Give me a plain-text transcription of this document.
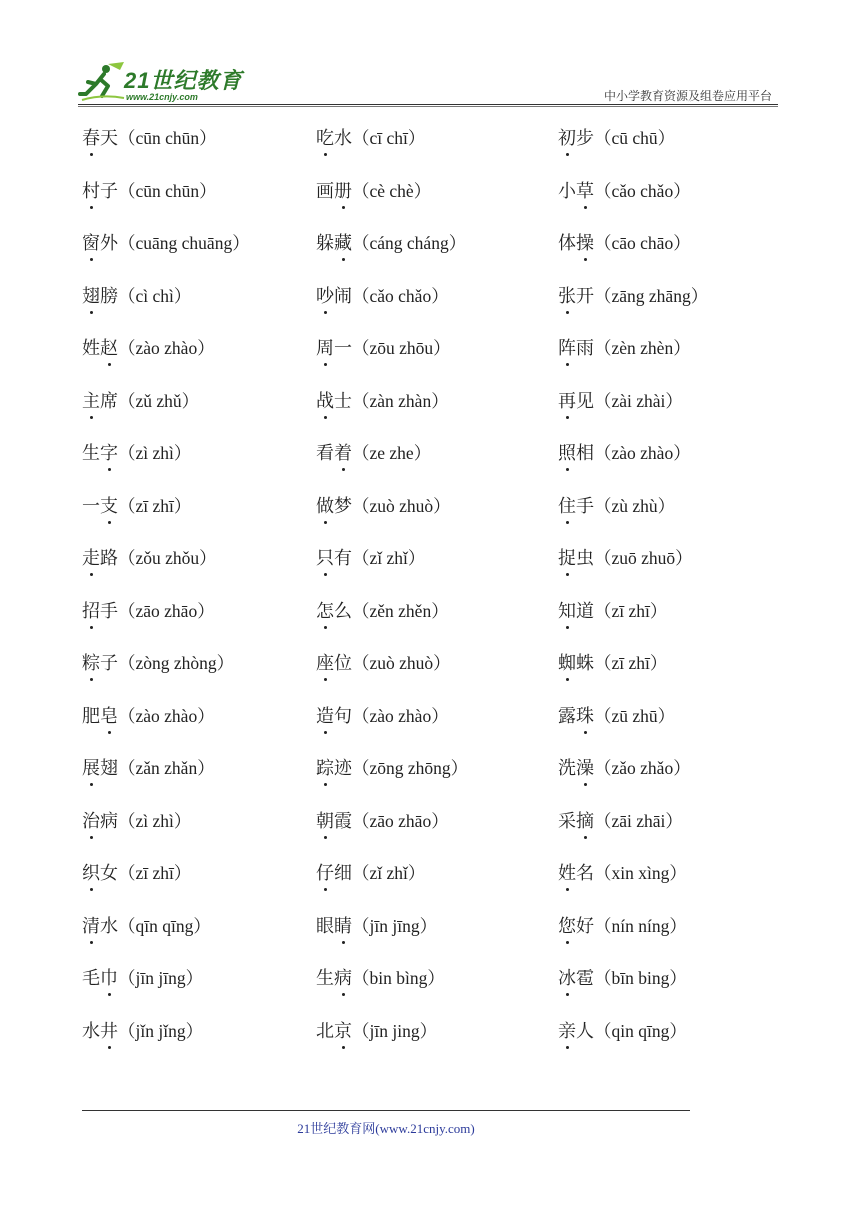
21世纪教育
www.21cnjy.com	中小学教育资源及组卷应用平台
春天（cūn chūn）	吃水（cī chī）	初步（cū chū）
村子（cūn chūn）	画册（cè chè）	小草（cǎo chǎo）
窗外（cuāng chuāng）	躲藏（cáng cháng）	体操（cāo chāo）
翅膀（cì chì）	吵闹（cǎo chǎo）	张开（zāng zhāng）
姓赵（zào zhào）	周一（zōu zhōu）	阵雨（zèn zhèn）
主席（zǔ zhǔ）	战士（zàn zhàn）	再见（zài zhài）
生字（zì zhì）	看着（ze zhe）	照相（zào zhào）
一支（zī zhī）	做梦（zuò zhuò）	住手（zù zhù）
走路（zǒu zhǒu）	只有（zǐ zhǐ）	捉虫（zuō zhuō）
招手（zāo zhāo）	怎么（zěn zhěn）	知道（zī zhī）
粽子（zòng zhòng）	座位（zuò zhuò）	蜘蛛（zī zhī）
肥皂（zào zhào）	造句（zào zhào）	露珠（zū zhū）
展翅（zǎn zhǎn）	踪迹（zōng zhōng）	洗澡（zǎo zhǎo）
治病（zì zhì）	朝霞（zāo zhāo）	采摘（zāi zhāi）
织女（zī zhī）	仔细（zǐ zhǐ）	姓名（xin xìng）
清水（qīn qīng）	眼睛（jīn jīng）	您好（nín níng）
毛巾（jīn jīng）	生病（bin bìng）	冰雹（bīn bing）
水井（jǐn jǐng）	北京（jīn jing）	亲人（qin qīng）
21世纪教育网(www.21cnjy.com)
